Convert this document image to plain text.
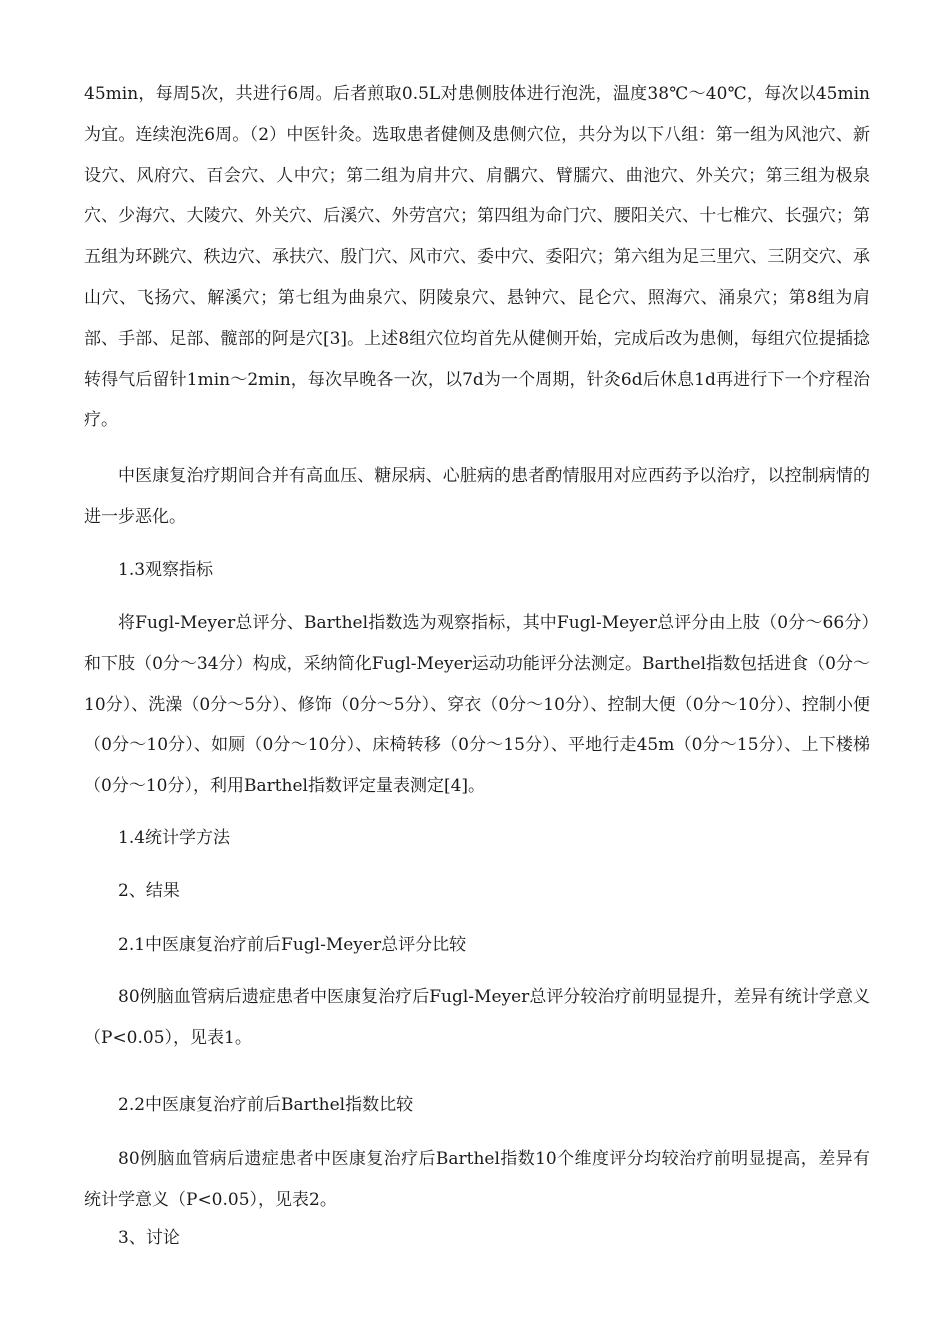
45min，每周5次，共进行6周。后者煎取0.5L对患侧肢体进行泡洗，温度38℃～40℃，每次以45min为宜。连续泡洗6周。（2）中医针灸。选取患者健侧及患侧穴位，共分为以下八组：第一组为风池穴、新设穴、风府穴、百会穴、人中穴；第二组为肩井穴、肩髃穴、臂臑穴、曲池穴、外关穴；第三组为极泉穴、少海穴、大陵穴、外关穴、后溪穴、外劳宫穴；第四组为命门穴、腰阳关穴、十七椎穴、长强穴；第五组为环跳穴、秩边穴、承扶穴、殷门穴、风市穴、委中穴、委阳穴；第六组为足三里穴、三阴交穴、承山穴、飞扬穴、解溪穴；第七组为曲泉穴、阴陵泉穴、悬钟穴、昆仑穴、照海穴、涌泉穴；第8组为肩部、手部、足部、髋部的阿是穴[3]。上述8组穴位均首先从健侧开始，完成后改为患侧，每组穴位提插捻转得气后留针1min～2min，每次早晚各一次，以7d为一个周期，针灸6d后休息1d再进行下一个疗程治疗。

中医康复治疗期间合并有高血压、糖尿病、心脏病的患者酌情服用对应西药予以治疗，以控制病情的进一步恶化。

1.3观察指标

将Fugl-Meyer总评分、Barthel指数选为观察指标，其中Fugl-Meyer总评分由上肢（0分～66分）和下肢（0分～34分）构成，采纳简化Fugl-Meyer运动功能评分法测定。Barthel指数包括进食（0分～10分）、洗澡（0分～5分）、修饰（0分～5分）、穿衣（0分～10分）、控制大便（0分～10分）、控制小便（0分～10分）、如厕（0分～10分）、床椅转移（0分～15分）、平地行走45m（0分～15分）、上下楼梯（0分～10分），利用Barthel指数评定量表测定[4]。

1.4统计学方法
2、结果
2.1中医康复治疗前后Fugl-Meyer总评分比较

80例脑血管病后遗症患者中医康复治疗后Fugl-Meyer总评分较治疗前明显提升，差异有统计学意义（P<0.05），见表1。

2.2中医康复治疗前后Barthel指数比较

80例脑血管病后遗症患者中医康复治疗后Barthel指数10个维度评分均较治疗前明显提高，差异有统计学意义（P<0.05），见表2。

3、讨论
